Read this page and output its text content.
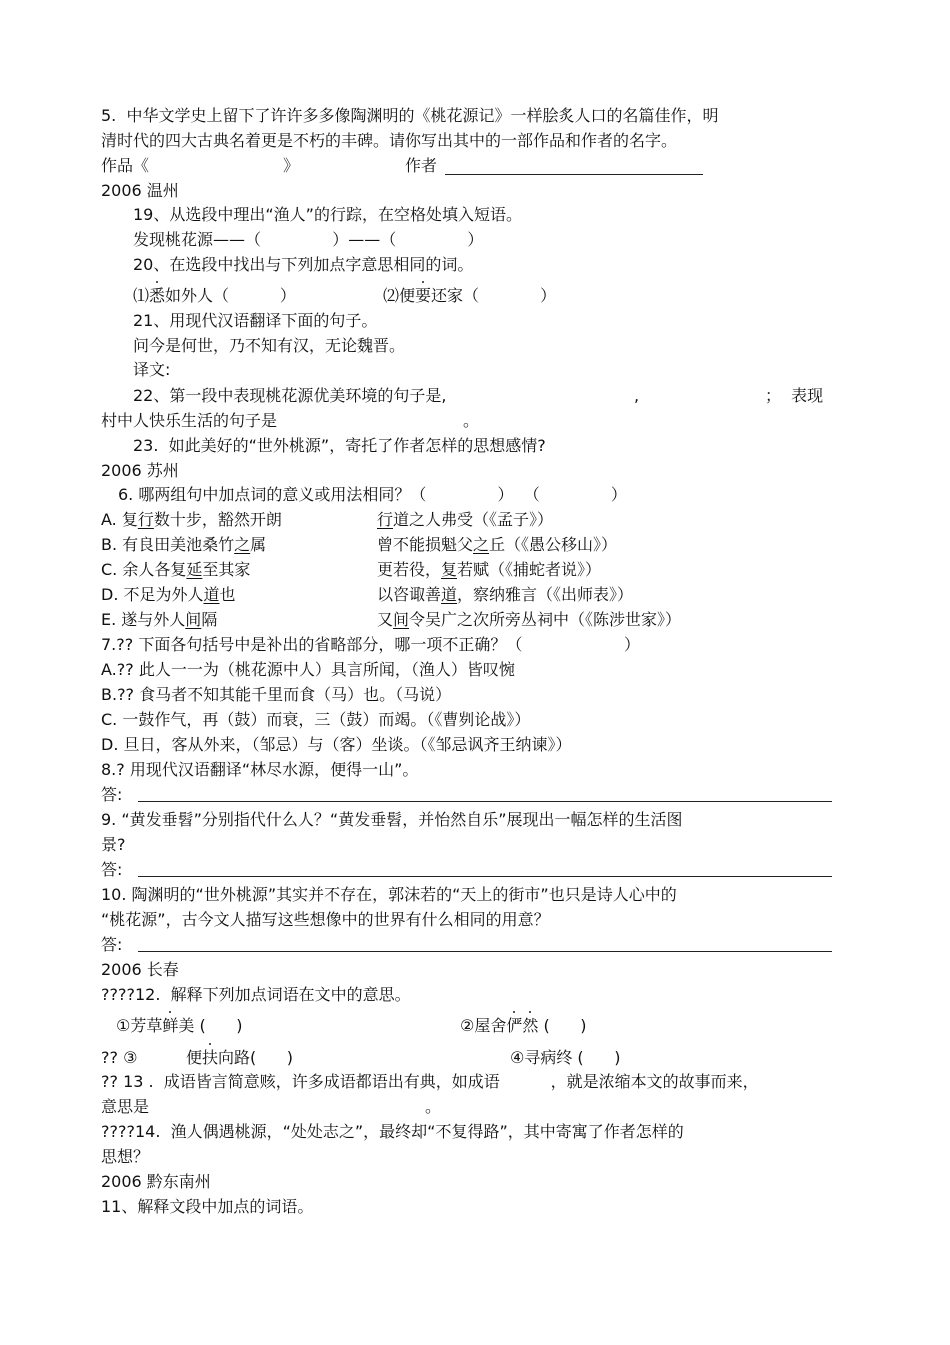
5.  中华文学史上留下了许许多多像陶渊明的《桃花源记》一样脍炙人口的名篇佳作，明
清时代的四大古典名着更是不朽的丰碑。请你写出其中的一部作品和作者的名字。
作品《	》	作者
2006 温州
19、从选段中理出“渔人”的行踪，在空格处填入短语。
发现桃花源——（              ）——（              ）
20、在选段中找出与下列加点字意思相同的词。
⑴悉如外人（          ）	⑵便要还家（            ）
21、用现代汉语翻译下面的句子。
问今是何世，乃不知有汉，无论魏晋。
译文:
22、第一段中表现桃花源优美环境的句子是,	,	；  表现
村中人快乐生活的句子是	。
23.  如此美好的“世外桃源”，寄托了作者怎样的思想感情?
2006 苏州
6. 哪两组句中加点词的意义或用法相同？（              ）  （              ）
A. 复行数十步，豁然开朗	行道之人弗受（《孟子》）
B. 有良田美池桑竹之属	曾不能损魁父之丘（《愚公移山》）
C. 余人各复延至其家	更若役，复若赋（《捕蛇者说》）
D. 不足为外人道也	以咨诹善道，察纳雅言（《出师表》）
E. 遂与外人间隔	又间令吴广之次所旁丛祠中（《陈涉世家》）
7.?? 下面各句括号中是补出的省略部分，哪一项不正确？（                    ）
A.?? 此人一一为（桃花源中人）具言所闻，（渔人）皆叹惋
B.?? 食马者不知其能千里而食（马）也。（马说）
C. 一鼓作气，再（鼓）而衰，三（鼓）而竭。（《曹刿论战》）
D. 旦日，客从外来，（邹忌）与（客）坐谈。（《邹忌讽齐王纳谏》）
8.? 用现代汉语翻译“林尽水源，便得一山”。
答:
9. “黄发垂髫”分别指代什么人？“黄发垂髫，并怡然自乐”展现出一幅怎样的生活图
景?
答:
10. 陶渊明的“世外桃源”其实并不存在，郭沫若的“天上的街市”也只是诗人心中的
“桃花源”，古今文人描写这些想像中的世界有什么相同的用意？
答:
2006 长春
????12.  解释下列加点词语在文中的意思。
①芳草鲜美 (      )	②屋舍俨然 (      )
?? ③	便扶向路(      )	④寻病终 (      )
?? 13 .  成语皆言简意赅，许多成语都语出有典，如成语          ，就是浓缩本文的故事而来，
意思是	。
????14.  渔人偶遇桃源，“处处志之”，最终却“不复得路”，其中寄寓了作者怎样的
思想？
2006 黔东南州
11、解释文段中加点的词语。
